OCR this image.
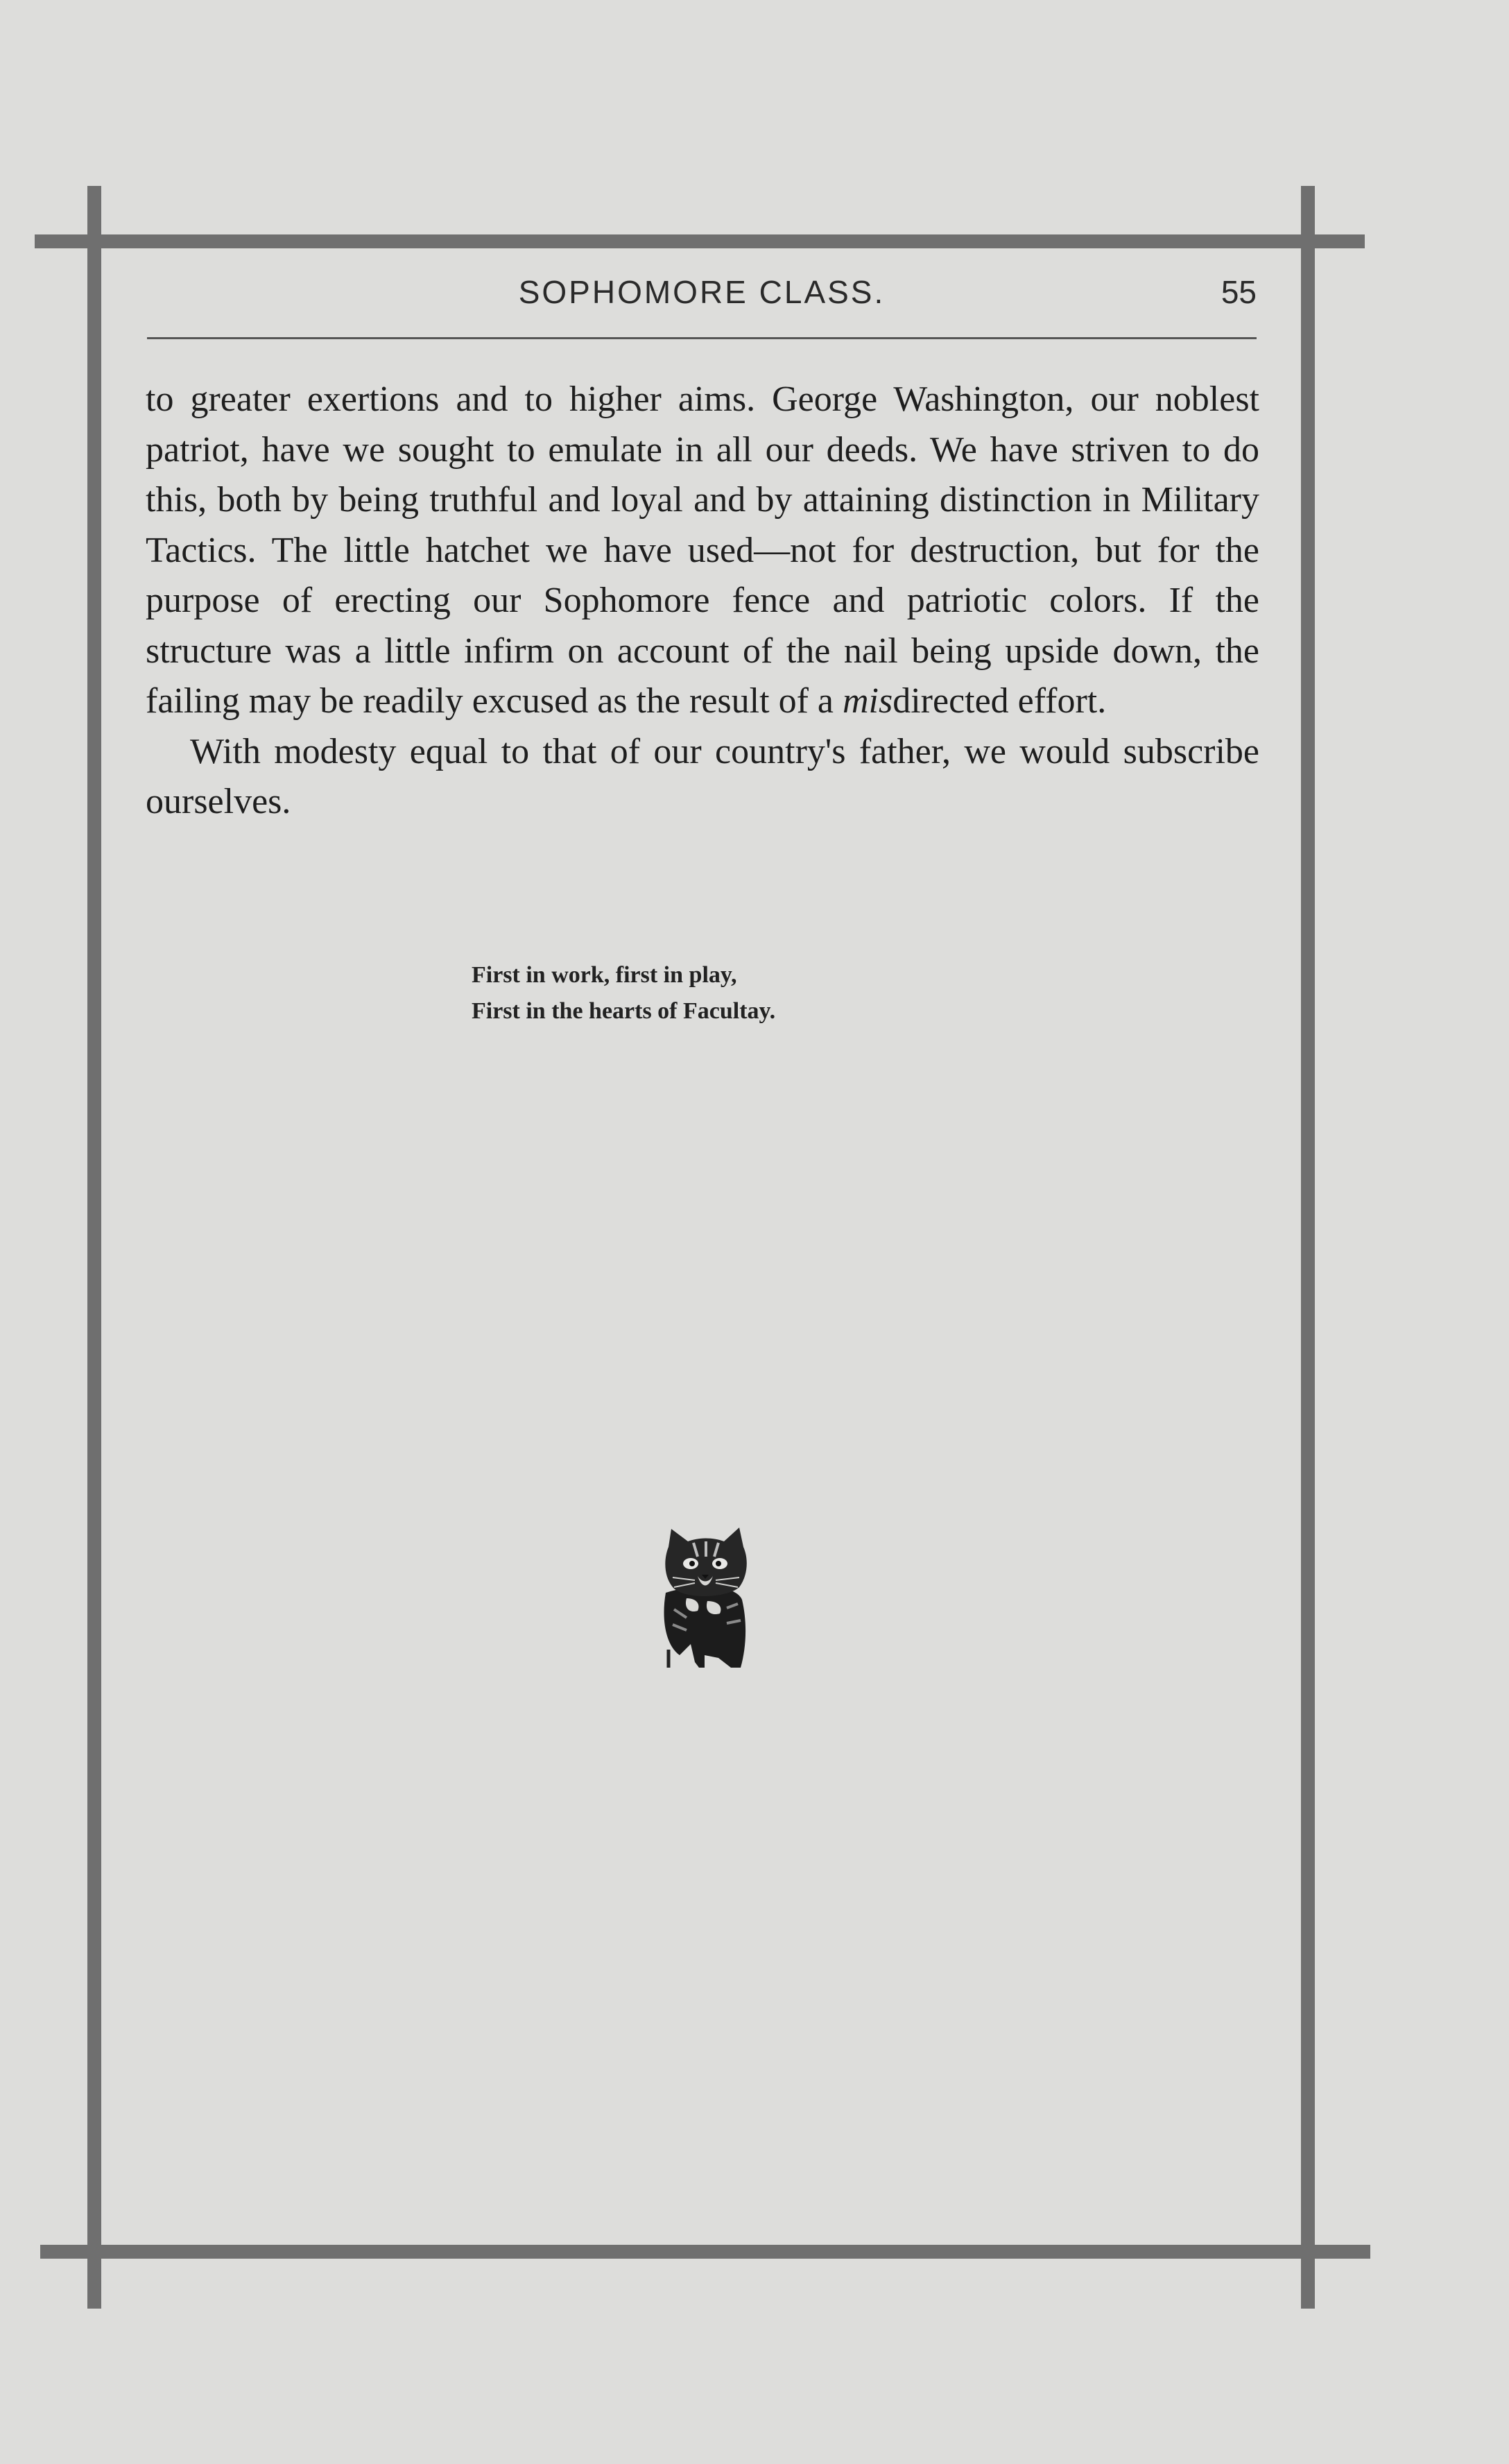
SOPHOMORE CLASS.	55

to greater exertions and to higher aims. George Washington, our noblest patriot, have we sought to emulate in all our deeds. We have striven to do this, both by being truthful and loyal and by attaining distinction in Military Tactics. The little hatchet we have used—not for destruction, but for the purpose of erecting our Sophomore fence and patriotic colors. If the structure was a little infirm on account of the nail being upside down, the failing may be readily excused as the result of a misdirected effort.

With modesty equal to that of our country's father, we would subscribe ourselves.

First in work, first in play,
First in the hearts of Facultay.
